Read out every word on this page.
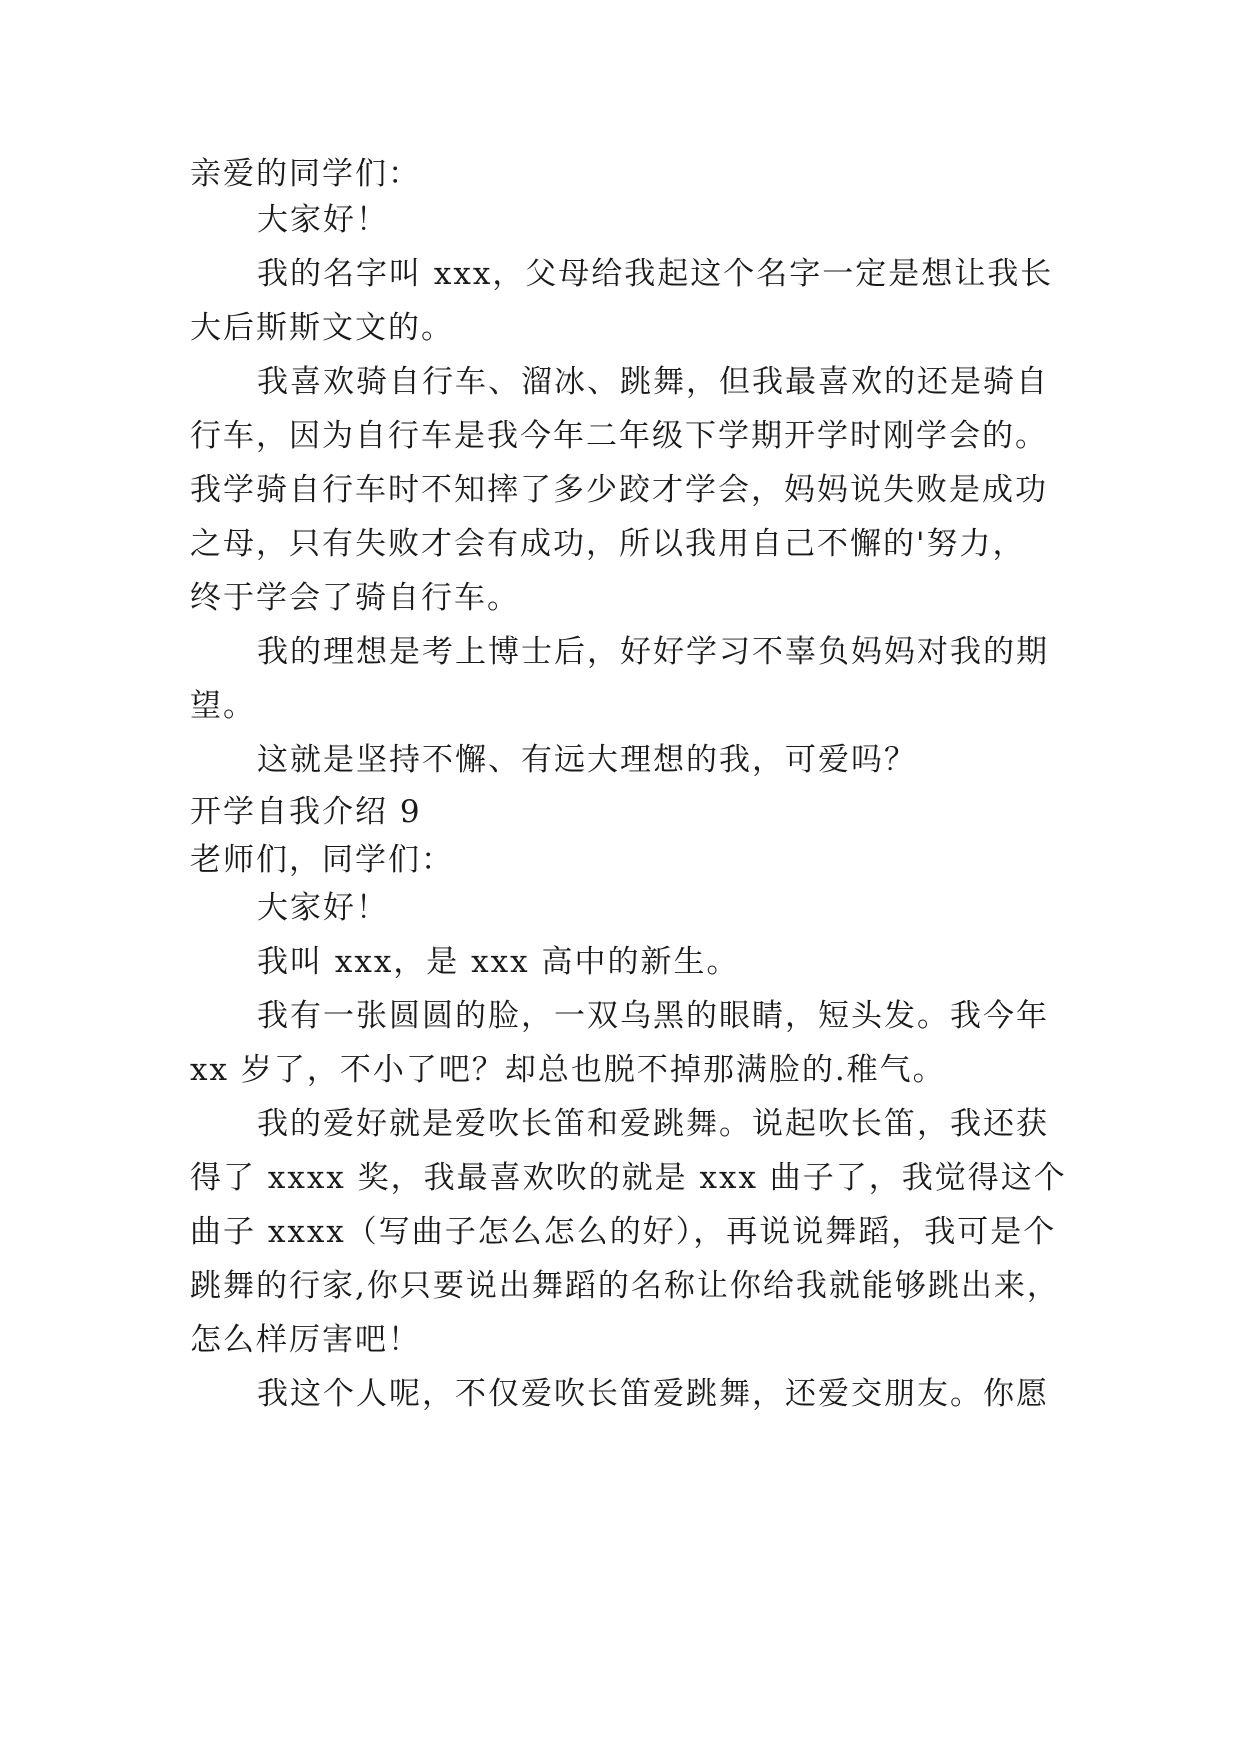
亲爱的同学们：
大家好！
我的名字叫 xxx，父母给我起这个名字一定是想让我长
大后斯斯文文的。
我喜欢骑自行车、溜冰、跳舞，但我最喜欢的还是骑自
行车，因为自行车是我今年二年级下学期开学时刚学会的。
我学骑自行车时不知摔了多少跤才学会，妈妈说失败是成功
之母，只有失败才会有成功，所以我用自己不懈的'努力，
终于学会了骑自行车。
我的理想是考上博士后，好好学习不辜负妈妈对我的期
望。
这就是坚持不懈、有远大理想的我，可爱吗？
开学自我介绍 9
老师们，同学们：
大家好！
我叫 xxx，是 xxx 高中的新生。
我有一张圆圆的脸，一双乌黑的眼睛，短头发。我今年
xx 岁了，不小了吧？却总也脱不掉那满脸的.稚气。
我的爱好就是爱吹长笛和爱跳舞。说起吹长笛，我还获
得了 xxxx 奖，我最喜欢吹的就是 xxx 曲子了，我觉得这个
曲子 xxxx（写曲子怎么怎么的好），再说说舞蹈，我可是个
跳舞的行家,你只要说出舞蹈的名称让你给我就能够跳出来，
怎么样厉害吧！
我这个人呢，不仅爱吹长笛爱跳舞，还爱交朋友。你愿
